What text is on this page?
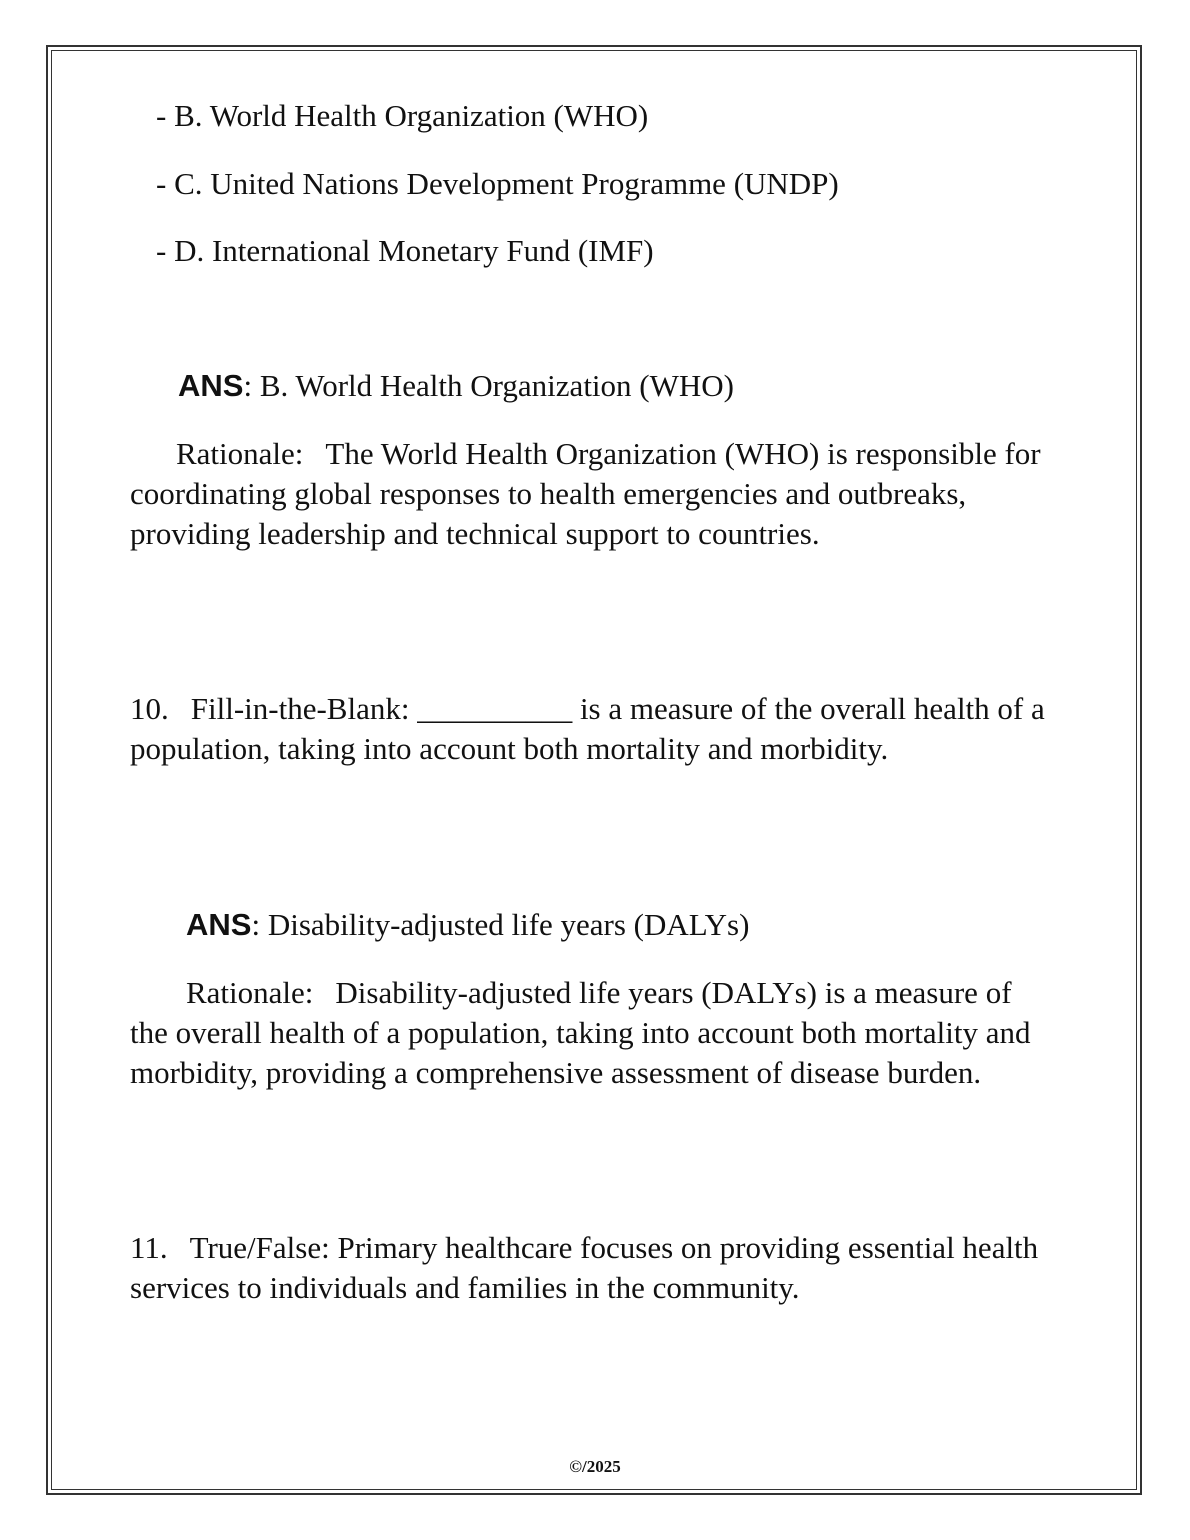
- B. World Health Organization (WHO)
- C. United Nations Development Programme (UNDP)
- D. International Monetary Fund (IMF)
ANS: B. World Health Organization (WHO)
Rationale: The World Health Organization (WHO) is responsible for coordinating global responses to health emergencies and outbreaks, providing leadership and technical support to countries.
10. Fill-in-the-Blank: __________ is a measure of the overall health of a population, taking into account both mortality and morbidity.
ANS: Disability-adjusted life years (DALYs)
Rationale: Disability-adjusted life years (DALYs) is a measure of the overall health of a population, taking into account both mortality and morbidity, providing a comprehensive assessment of disease burden.
11. True/False: Primary healthcare focuses on providing essential health services to individuals and families in the community.
©/2025
